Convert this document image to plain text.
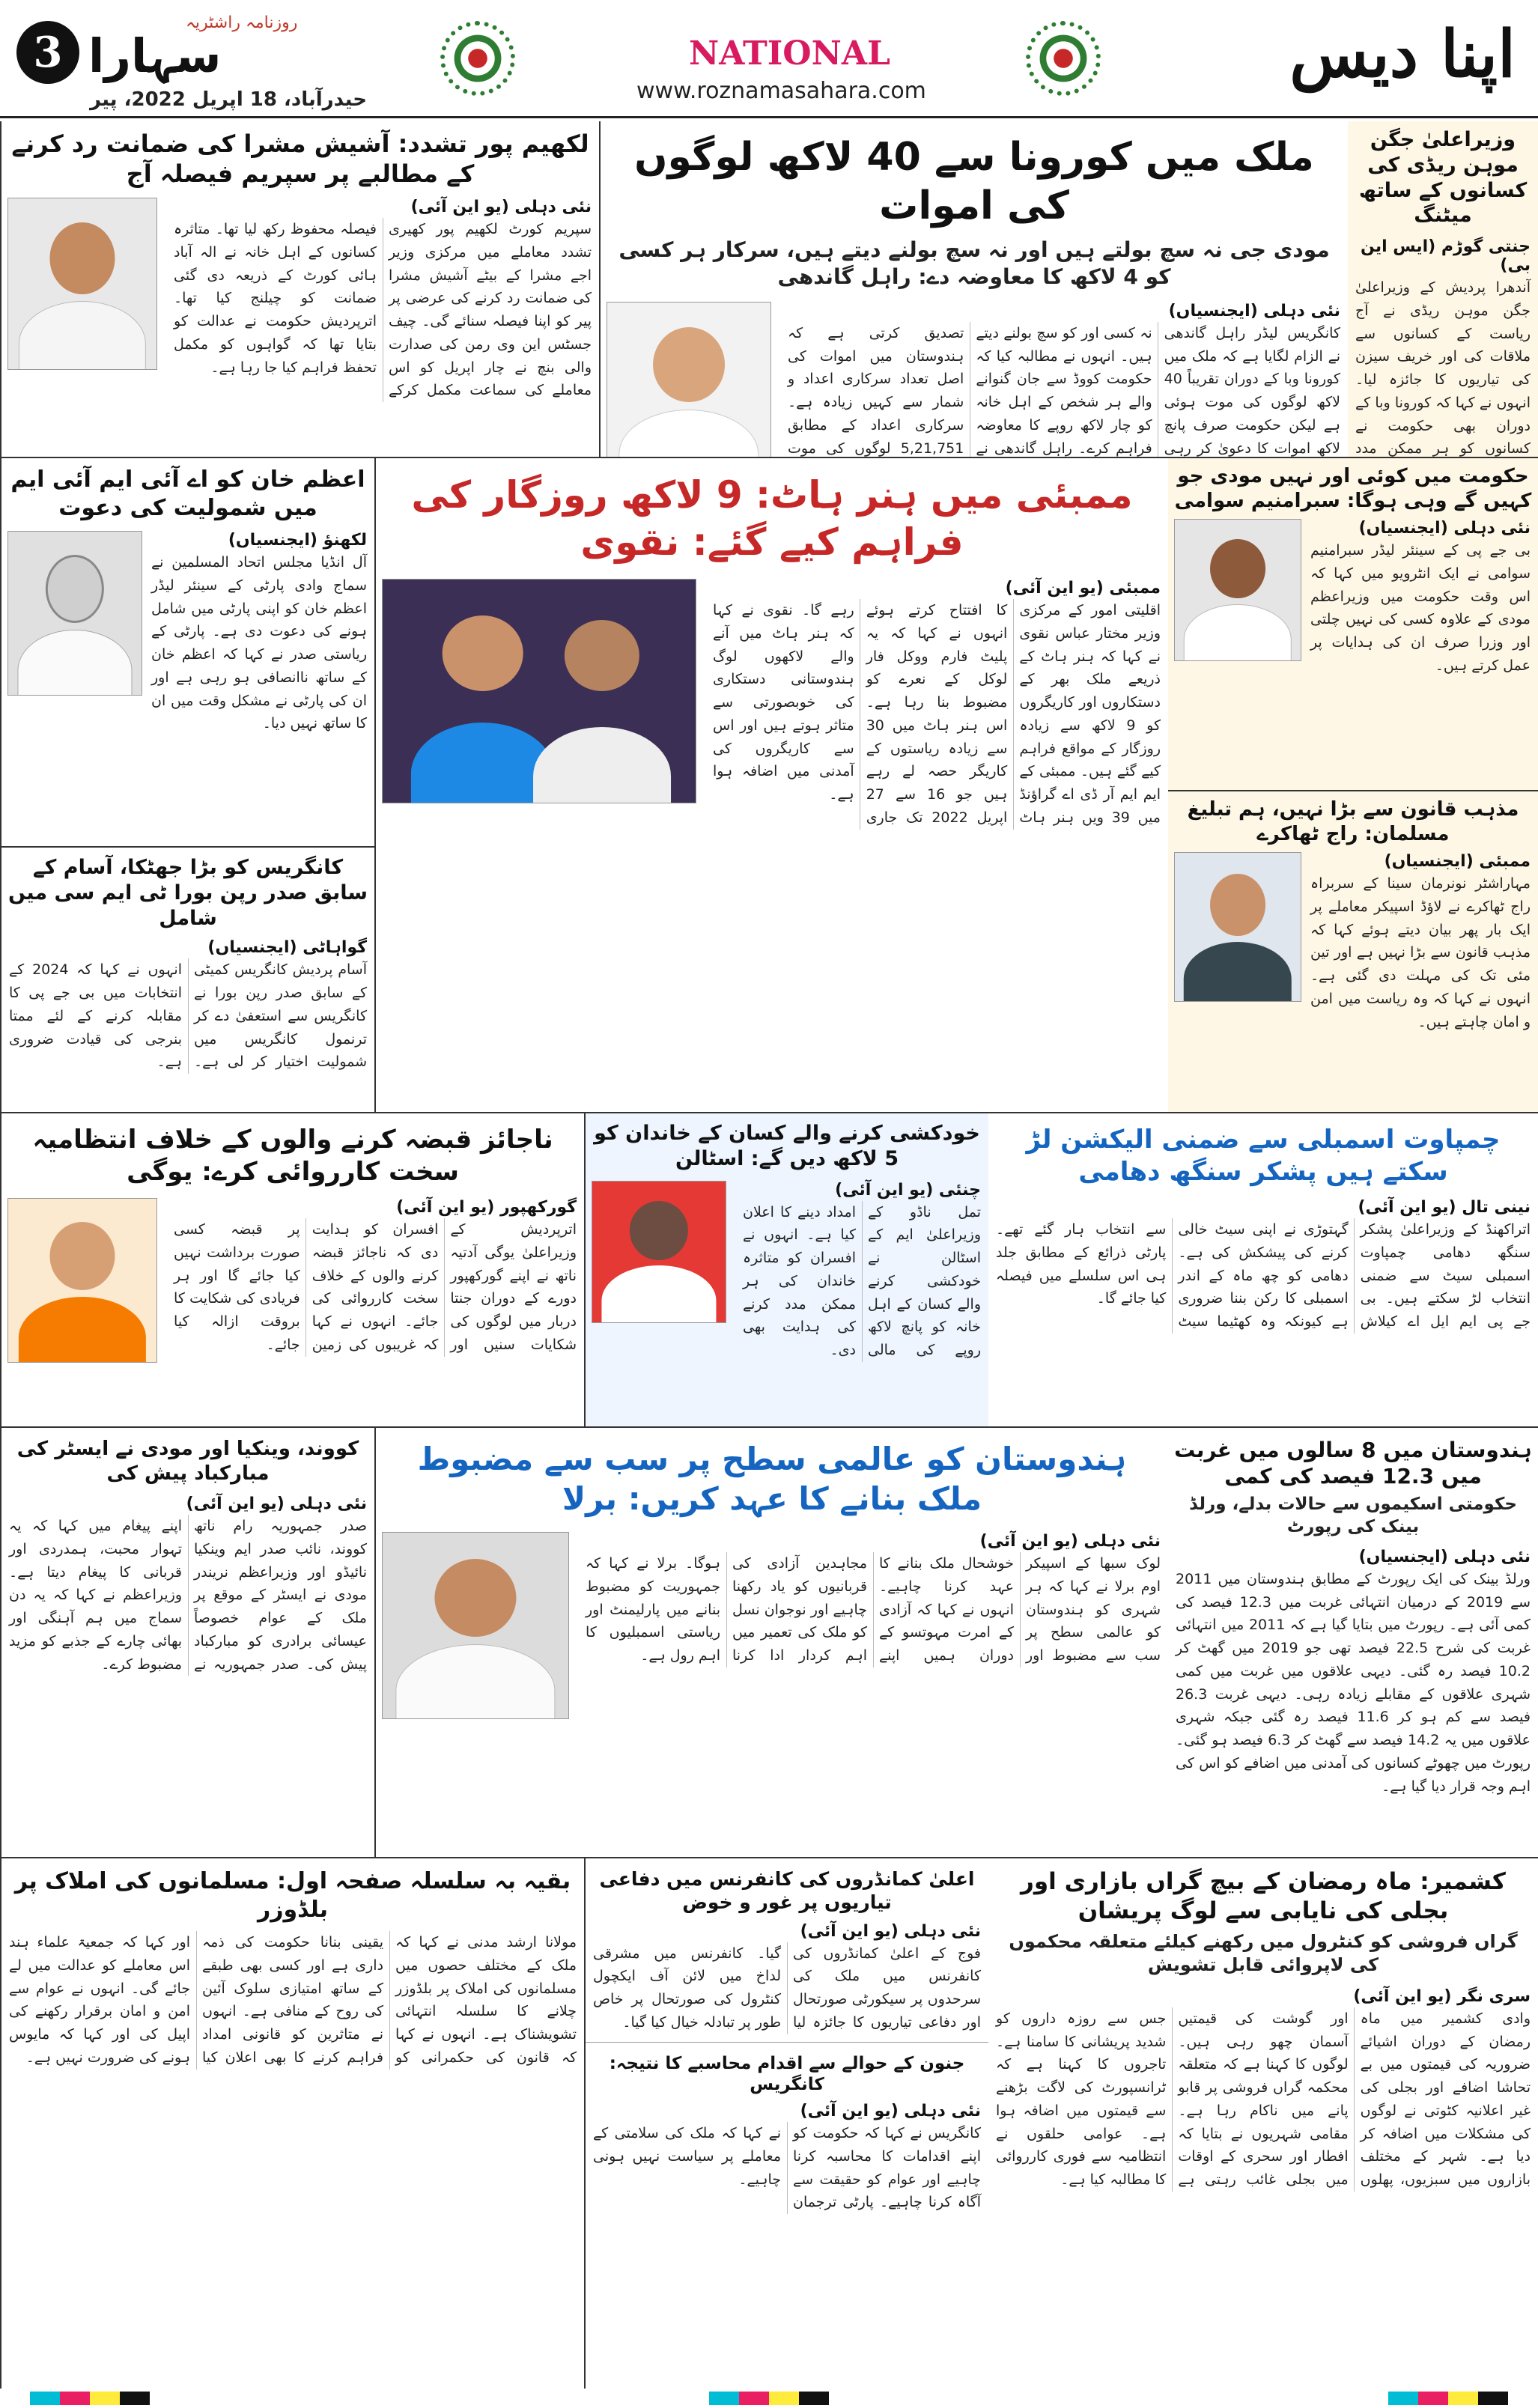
3
روزنامہ راشٹریہ
سہارا
حیدرآباد، 18 اپریل 2022، پیر
NATIONAL
www.roznamasahara.com	اپنا دیس
وزیراعلیٰ جگن موہن ریڈی کی کسانوں کے ساتھ میٹنگ
جنتی گوڑم (ایس این بی)
آندھرا پردیش کے وزیراعلیٰ جگن موہن ریڈی نے آج ریاست کے کسانوں سے ملاقات کی اور خریف سیزن کی تیاریوں کا جائزہ لیا۔ انہوں نے کہا کہ کورونا وبا کے دوران بھی حکومت نے کسانوں کو ہر ممکن مدد
ملک میں کورونا سے 40 لاکھ لوگوں کی اموات
مودی جی نہ سچ بولتے ہیں اور نہ سچ بولنے دیتے ہیں، سرکار ہر کسی کو 4 لاکھ کا معاوضہ دے: راہل گاندھی
نئی دہلی (ایجنسیاں)
کانگریس لیڈر راہل گاندھی نے الزام لگایا ہے کہ ملک میں کورونا وبا کے دوران تقریباً 40 لاکھ لوگوں کی موت ہوئی ہے لیکن حکومت صرف پانچ لاکھ اموات کا دعویٰ کر رہی نہ کسی اور کو سچ بولنے دیتے ہیں۔ انہوں نے مطالبہ کیا کہ حکومت کووڈ سے جان گنوانے والے ہر شخص کے اہل خانہ کو چار لاکھ روپے کا معاوضہ فراہم کرے۔ راہل گاندھی نے تصدیق کرتی ہے کہ ہندوستان میں اموات کی اصل تعداد سرکاری اعداد و شمار سے کہیں زیادہ ہے۔ سرکاری اعداد کے مطابق 5,21,751 لوگوں کی موت
لکھیم پور تشدد: آشیش مشرا کی ضمانت رد کرنے کے مطالبے پر سپریم فیصلہ آج
نئی دہلی (یو این آئی)
سپریم کورٹ لکھیم پور کھیری تشدد معاملے میں مرکزی وزیر اجے مشرا کے بیٹے آشیش مشرا کی ضمانت رد کرنے کی عرضی پر پیر کو اپنا فیصلہ سنائے گی۔ چیف جسٹس این وی رمن کی صدارت والی بنچ نے چار اپریل کو اس معاملے کی سماعت مکمل کرکے فیصلہ محفوظ رکھ لیا تھا۔ متاثرہ کسانوں کے اہل خانہ نے الہ آباد ہائی کورٹ کے ذریعہ دی گئی ضمانت کو چیلنج کیا تھا۔ اترپردیش حکومت نے عدالت کو بتایا تھا کہ گواہوں کو مکمل تحفظ فراہم کیا جا رہا ہے۔
حکومت میں کوئی اور نہیں مودی جو کہیں گے وہی ہوگا: سبرامنیم سوامی
نئی دہلی (ایجنسیاں)
بی جے پی کے سینئر لیڈر سبرامنیم سوامی نے ایک انٹرویو میں کہا کہ اس وقت حکومت میں وزیراعظم مودی کے علاوہ کسی کی نہیں چلتی اور وزرا صرف ان کی ہدایات پر عمل کرتے ہیں۔
مذہب قانون سے بڑا نہیں، ہم تبلیغ مسلمان: راج ٹھاکرے
ممبئی (ایجنسیاں)
مہاراشٹر نونرمان سینا کے سربراہ راج ٹھاکرے نے لاؤڈ اسپیکر معاملے پر ایک بار پھر بیان دیتے ہوئے کہا کہ مذہب قانون سے بڑا نہیں ہے اور تین مئی تک کی مہلت دی گئی ہے۔ انہوں نے کہا کہ وہ ریاست میں امن و امان چاہتے ہیں۔
ممبئی میں ہنر ہاٹ: 9 لاکھ روزگار کی فراہم کیے گئے: نقوی
ممبئی (یو این آئی)
اقلیتی امور کے مرکزی وزیر مختار عباس نقوی نے کہا کہ ہنر ہاٹ کے ذریعے ملک بھر کے دستکاروں اور کاریگروں کو 9 لاکھ سے زیادہ روزگار کے مواقع فراہم کیے گئے ہیں۔ ممبئی کے ایم ایم آر ڈی اے گراؤنڈ میں 39 ویں ہنر ہاٹ کا افتتاح کرتے ہوئے انہوں نے کہا کہ یہ پلیٹ فارم ووکل فار لوکل کے نعرے کو مضبوط بنا رہا ہے۔ اس ہنر ہاٹ میں 30 سے زیادہ ریاستوں کے کاریگر حصہ لے رہے ہیں جو 16 سے 27 اپریل 2022 تک جاری رہے گا۔ نقوی نے کہا کہ ہنر ہاٹ میں آنے والے لاکھوں لوگ ہندوستانی دستکاری کی خوبصورتی سے متاثر ہوتے ہیں اور اس سے کاریگروں کی آمدنی میں اضافہ ہوا ہے۔
اعظم خان کو اے آئی ایم آئی ایم میں شمولیت کی دعوت
لکھنؤ (ایجنسیاں)
آل انڈیا مجلس اتحاد المسلمین نے سماج وادی پارٹی کے سینئر لیڈر اعظم خان کو اپنی پارٹی میں شامل ہونے کی دعوت دی ہے۔ پارٹی کے ریاستی صدر نے کہا کہ اعظم خان کے ساتھ ناانصافی ہو رہی ہے اور ان کی پارٹی نے مشکل وقت میں ان کا ساتھ نہیں دیا۔
کانگریس کو بڑا جھٹکا، آسام کے سابق صدر رپن بورا ٹی ایم سی میں شامل
گواہاٹی (ایجنسیاں)
آسام پردیش کانگریس کمیٹی کے سابق صدر رپن بورا نے کانگریس سے استعفیٰ دے کر ترنمول کانگریس میں شمولیت اختیار کر لی ہے۔ انہوں نے کہا کہ 2024 کے انتخابات میں بی جے پی کا مقابلہ کرنے کے لئے ممتا بنرجی کی قیادت ضروری ہے۔
چمپاوت اسمبلی سے ضمنی الیکشن لڑ سکتے ہیں پشکر سنگھ دھامی
نینی تال (یو این آئی)
اتراکھنڈ کے وزیراعلیٰ پشکر سنگھ دھامی چمپاوت اسمبلی سیٹ سے ضمنی انتخاب لڑ سکتے ہیں۔ بی جے پی ایم ایل اے کیلاش گہتوڑی نے اپنی سیٹ خالی کرنے کی پیشکش کی ہے۔ دھامی کو چھ ماہ کے اندر اسمبلی کا رکن بننا ضروری ہے کیونکہ وہ کھٹیما سیٹ سے انتخاب ہار گئے تھے۔ پارٹی ذرائع کے مطابق جلد ہی اس سلسلے میں فیصلہ کیا جائے گا۔
خودکشی کرنے والے کسان کے خاندان کو 5 لاکھ دیں گے: اسٹالن
چنئی (یو این آئی)
تمل ناڈو کے وزیراعلیٰ ایم کے اسٹالن نے خودکشی کرنے والے کسان کے اہل خانہ کو پانچ لاکھ روپے کی مالی امداد دینے کا اعلان کیا ہے۔ انہوں نے افسران کو متاثرہ خاندان کی ہر ممکن مدد کرنے کی ہدایت بھی دی۔
ناجائز قبضہ کرنے والوں کے خلاف انتظامیہ سخت کارروائی کرے: یوگی
گورکھپور (یو این آئی)
اترپردیش کے وزیراعلیٰ یوگی آدتیہ ناتھ نے اپنے گورکھپور دورے کے دوران جنتا دربار میں لوگوں کی شکایات سنیں اور افسران کو ہدایت دی کہ ناجائز قبضہ کرنے والوں کے خلاف سخت کارروائی کی جائے۔ انہوں نے کہا کہ غریبوں کی زمین پر قبضہ کسی صورت برداشت نہیں کیا جائے گا اور ہر فریادی کی شکایت کا بروقت ازالہ کیا جائے۔
ہندوستان میں 8 سالوں میں غربت میں 12.3 فیصد کی کمی
حکومتی اسکیموں سے حالات بدلے، ورلڈ بینک کی رپورٹ
نئی دہلی (ایجنسیاں)
ورلڈ بینک کی ایک رپورٹ کے مطابق ہندوستان میں 2011 سے 2019 کے درمیان انتہائی غربت میں 12.3 فیصد کی کمی آئی ہے۔ رپورٹ میں بتایا گیا ہے کہ 2011 میں انتہائی غربت کی شرح 22.5 فیصد تھی جو 2019 میں گھٹ کر 10.2 فیصد رہ گئی۔ دیہی علاقوں میں غربت میں کمی شہری علاقوں کے مقابلے زیادہ رہی۔ دیہی غربت 26.3 فیصد سے کم ہو کر 11.6 فیصد رہ گئی جبکہ شہری علاقوں میں یہ 14.2 فیصد سے گھٹ کر 6.3 فیصد ہو گئی۔ رپورٹ میں چھوٹے کسانوں کی آمدنی میں اضافے کو اس کی اہم وجہ قرار دیا گیا ہے۔
ہندوستان کو عالمی سطح پر سب سے مضبوط ملک بنانے کا عہد کریں: برلا
نئی دہلی (یو این آئی)
لوک سبھا کے اسپیکر اوم برلا نے کہا کہ ہر شہری کو ہندوستان کو عالمی سطح پر سب سے مضبوط اور خوشحال ملک بنانے کا عہد کرنا چاہیے۔ انہوں نے کہا کہ آزادی کے امرت مہوتسو کے دوران ہمیں اپنے مجاہدین آزادی کی قربانیوں کو یاد رکھنا چاہیے اور نوجوان نسل کو ملک کی تعمیر میں اہم کردار ادا کرنا ہوگا۔ برلا نے کہا کہ جمہوریت کو مضبوط بنانے میں پارلیمنٹ اور ریاستی اسمبلیوں کا اہم رول ہے۔
کووند، وینکیا اور مودی نے ایسٹر کی مبارکباد پیش کی
نئی دہلی (یو این آئی)
صدر جمہوریہ رام ناتھ کووند، نائب صدر ایم وینکیا نائیڈو اور وزیراعظم نریندر مودی نے ایسٹر کے موقع پر ملک کے عوام خصوصاً عیسائی برادری کو مبارکباد پیش کی۔ صدر جمہوریہ نے اپنے پیغام میں کہا کہ یہ تہوار محبت، ہمدردی اور قربانی کا پیغام دیتا ہے۔ وزیراعظم نے کہا کہ یہ دن سماج میں ہم آہنگی اور بھائی چارے کے جذبے کو مزید مضبوط کرے۔
کشمیر: ماہ رمضان کے بیچ گراں بازاری اور بجلی کی نایابی سے لوگ پریشان
گراں فروشی کو کنٹرول میں رکھنے کیلئے متعلقہ محکموں کی لاپروائی قابل تشویش
سری نگر (یو این آئی)
وادی کشمیر میں ماہ رمضان کے دوران اشیائے ضروریہ کی قیمتوں میں بے تحاشا اضافے اور بجلی کی غیر اعلانیہ کٹوتی نے لوگوں کی مشکلات میں اضافہ کر دیا ہے۔ شہر کے مختلف بازاروں میں سبزیوں، پھلوں اور گوشت کی قیمتیں آسمان چھو رہی ہیں۔ لوگوں کا کہنا ہے کہ متعلقہ محکمہ گراں فروشی پر قابو پانے میں ناکام رہا ہے۔ مقامی شہریوں نے بتایا کہ افطار اور سحری کے اوقات میں بجلی غائب رہتی ہے جس سے روزہ داروں کو شدید پریشانی کا سامنا ہے۔ تاجروں کا کہنا ہے کہ ٹرانسپورٹ کی لاگت بڑھنے سے قیمتوں میں اضافہ ہوا ہے۔ عوامی حلقوں نے انتظامیہ سے فوری کارروائی کا مطالبہ کیا ہے۔
اعلیٰ کمانڈروں کی کانفرنس میں دفاعی تیاریوں پر غور و خوض
نئی دہلی (یو این آئی)
فوج کے اعلیٰ کمانڈروں کی کانفرنس میں ملک کی سرحدوں پر سیکورٹی صورتحال اور دفاعی تیاریوں کا جائزہ لیا گیا۔ کانفرنس میں مشرقی لداخ میں لائن آف ایکچول کنٹرول کی صورتحال پر خاص طور پر تبادلہ خیال کیا گیا۔
جنون کے حوالے سے اقدام محاسبے کا نتیجہ: کانگریس
نئی دہلی (یو این آئی)
کانگریس نے کہا کہ حکومت کو اپنے اقدامات کا محاسبہ کرنا چاہیے اور عوام کو حقیقت سے آگاہ کرنا چاہیے۔ پارٹی ترجمان نے کہا کہ ملک کی سلامتی کے معاملے پر سیاست نہیں ہونی چاہیے۔
بقیہ بہ سلسلہ صفحہ اول: مسلمانوں کی املاک پر بلڈوزر
مولانا ارشد مدنی نے کہا کہ ملک کے مختلف حصوں میں مسلمانوں کی املاک پر بلڈوزر چلانے کا سلسلہ انتہائی تشویشناک ہے۔ انہوں نے کہا کہ قانون کی حکمرانی کو یقینی بنانا حکومت کی ذمہ داری ہے اور کسی بھی طبقے کے ساتھ امتیازی سلوک آئین کی روح کے منافی ہے۔ انہوں نے متاثرین کو قانونی امداد فراہم کرنے کا بھی اعلان کیا اور کہا کہ جمعیۃ علماء ہند اس معاملے کو عدالت میں لے جائے گی۔ انہوں نے عوام سے امن و امان برقرار رکھنے کی اپیل کی اور کہا کہ مایوس ہونے کی ضرورت نہیں ہے۔
